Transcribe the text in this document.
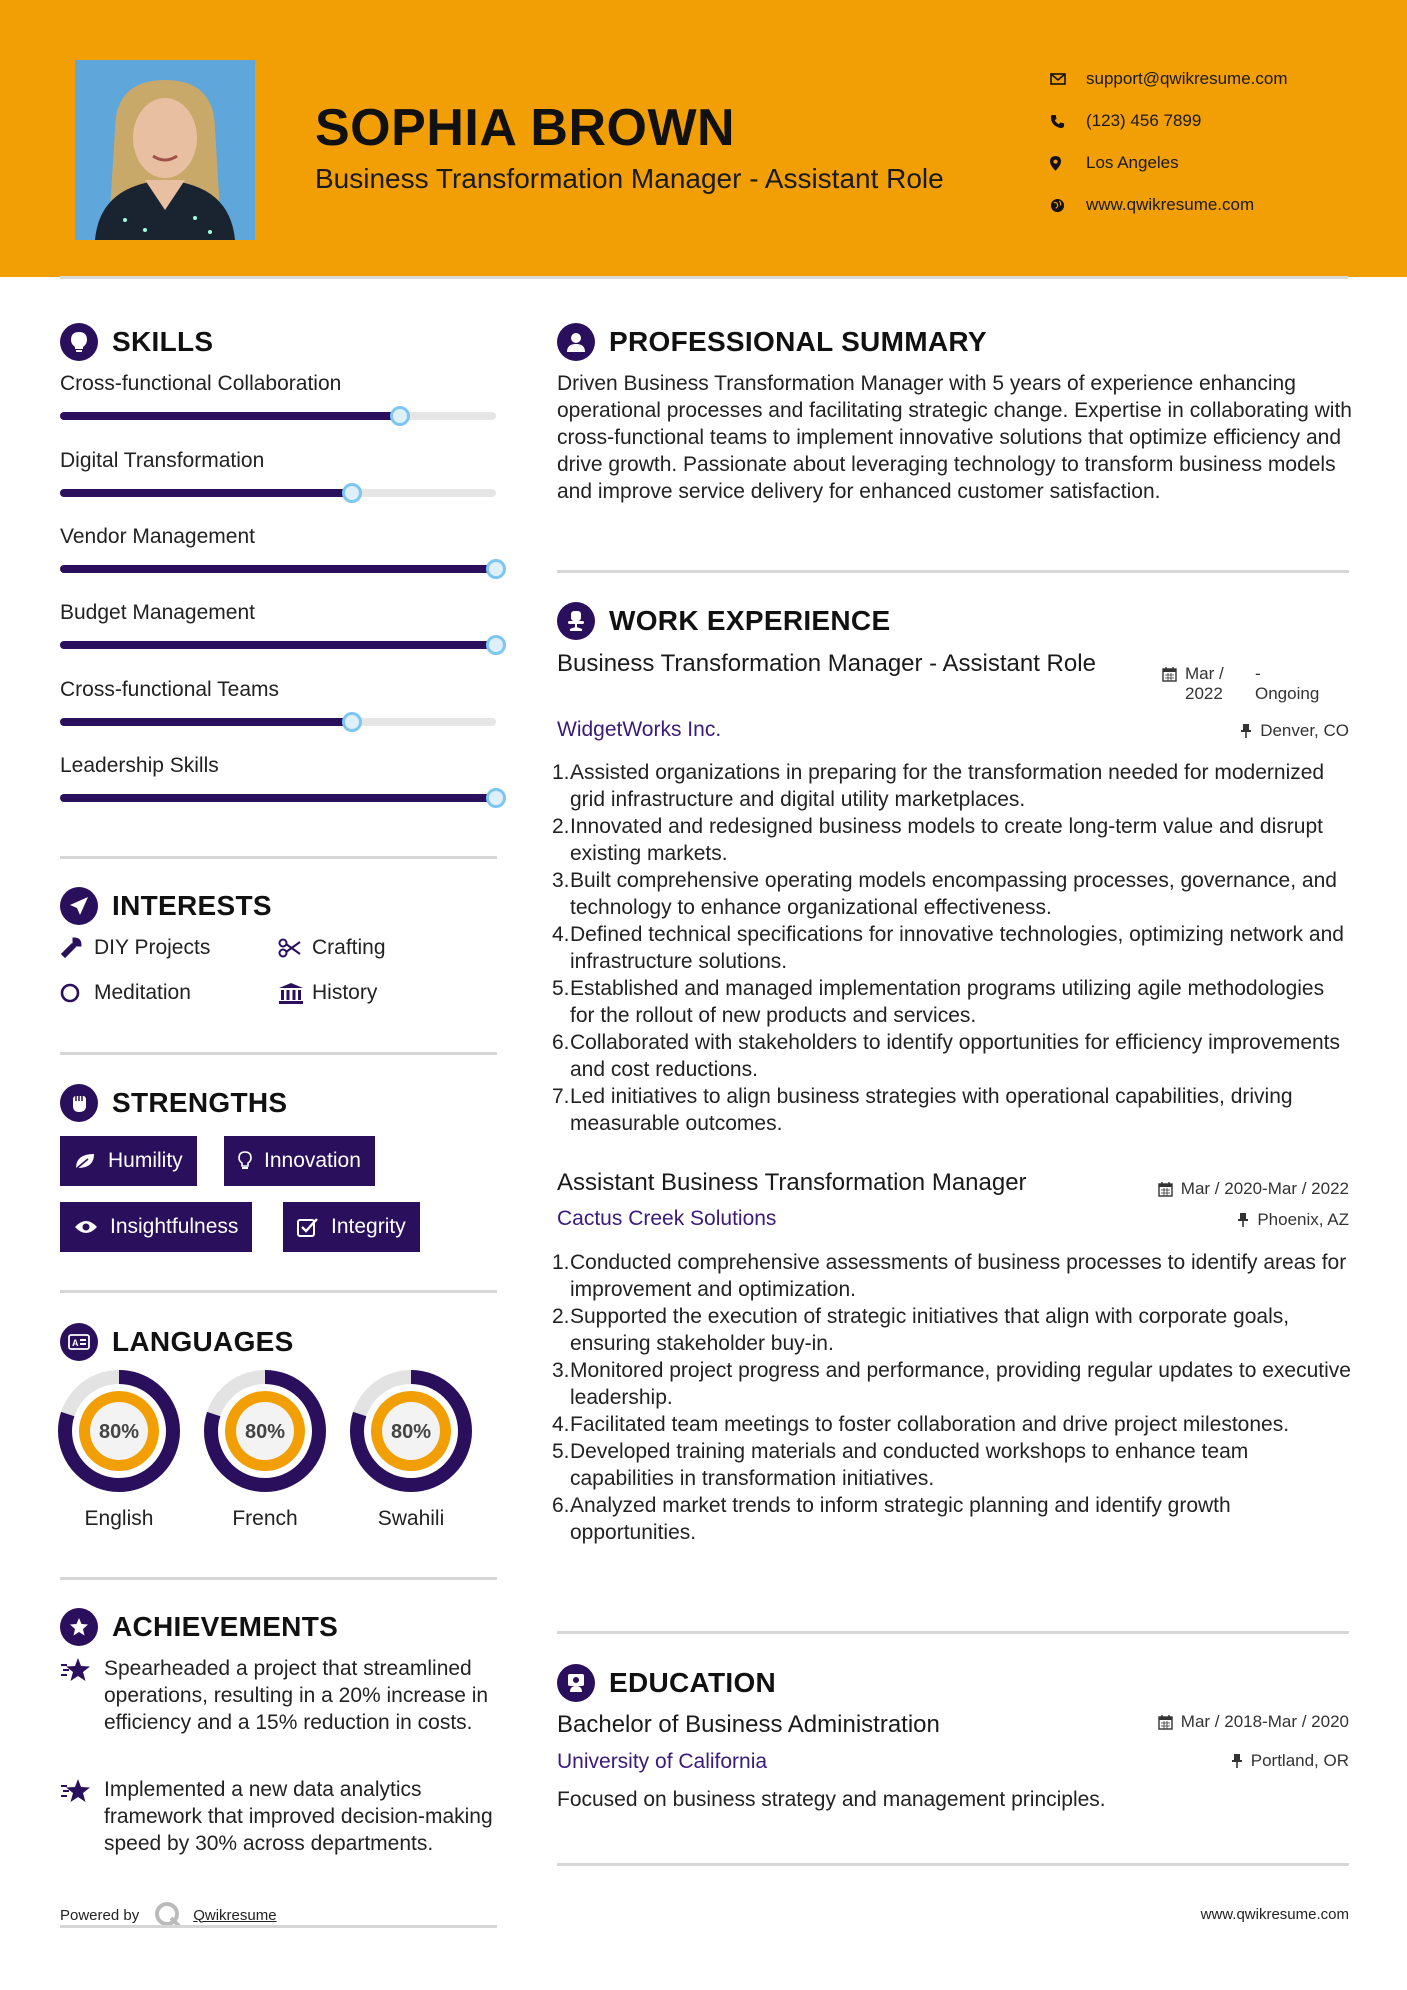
SOPHIA BROWN
Business Transformation Manager - Assistant Role
support@qwikresume.com
(123) 456 7899
Los Angeles
www.qwikresume.com
SKILLS
Cross-functional Collaboration
Digital Transformation
Vendor Management
Budget Management
Cross-functional Teams
Leadership Skills
INTERESTS
DIY Projects	Crafting
Meditation	History
STRENGTHS
Humility	Innovation
Insightfulness	Integrity
A LANGUAGES
80%
English
80%
French
80%
Swahili
ACHIEVEMENTS
Spearheaded a project that streamlined operations, resulting in a 20% increase in efficiency and a 15% reduction in costs.
Implemented a new data analytics framework that improved decision-making speed by 30% across departments.
PROFESSIONAL SUMMARY
Driven Business Transformation Manager with 5 years of experience enhancing operational processes and facilitating strategic change. Expertise in collaborating with cross-functional teams to implement innovative solutions that optimize efficiency and drive growth. Passionate about leveraging technology to transform business models and improve service delivery for enhanced customer satisfaction.
WORK EXPERIENCE
Business Transformation Manager - Assistant Role	Mar / 2022
- Ongoing
WidgetWorks Inc.	Denver, CO
1. Assisted organizations in preparing for the transformation needed for modernized grid infrastructure and digital utility marketplaces.
2. Innovated and redesigned business models to create long-term value and disrupt existing markets.
3. Built comprehensive operating models encompassing processes, governance, and technology to enhance organizational effectiveness.
4. Defined technical specifications for innovative technologies, optimizing network and infrastructure solutions.
5. Established and managed implementation programs utilizing agile methodologies for the rollout of new products and services.
6. Collaborated with stakeholders to identify opportunities for efficiency improvements and cost reductions.
7. Led initiatives to align business strategies with operational capabilities, driving measurable outcomes.
Assistant Business Transformation Manager	Mar / 2020-Mar / 2022
Cactus Creek Solutions	Phoenix, AZ
1. Conducted comprehensive assessments of business processes to identify areas for improvement and optimization.
2. Supported the execution of strategic initiatives that align with corporate goals, ensuring stakeholder buy-in.
3. Monitored project progress and performance, providing regular updates to executive leadership.
4. Facilitated team meetings to foster collaboration and drive project milestones.
5. Developed training materials and conducted workshops to enhance team capabilities in transformation initiatives.
6. Analyzed market trends to inform strategic planning and identify growth opportunities.
EDUCATION
Bachelor of Business Administration	Mar / 2018-Mar / 2020
University of California	Portland, OR
Focused on business strategy and management principles.
Powered by	Qwikresume	www.qwikresume.com
